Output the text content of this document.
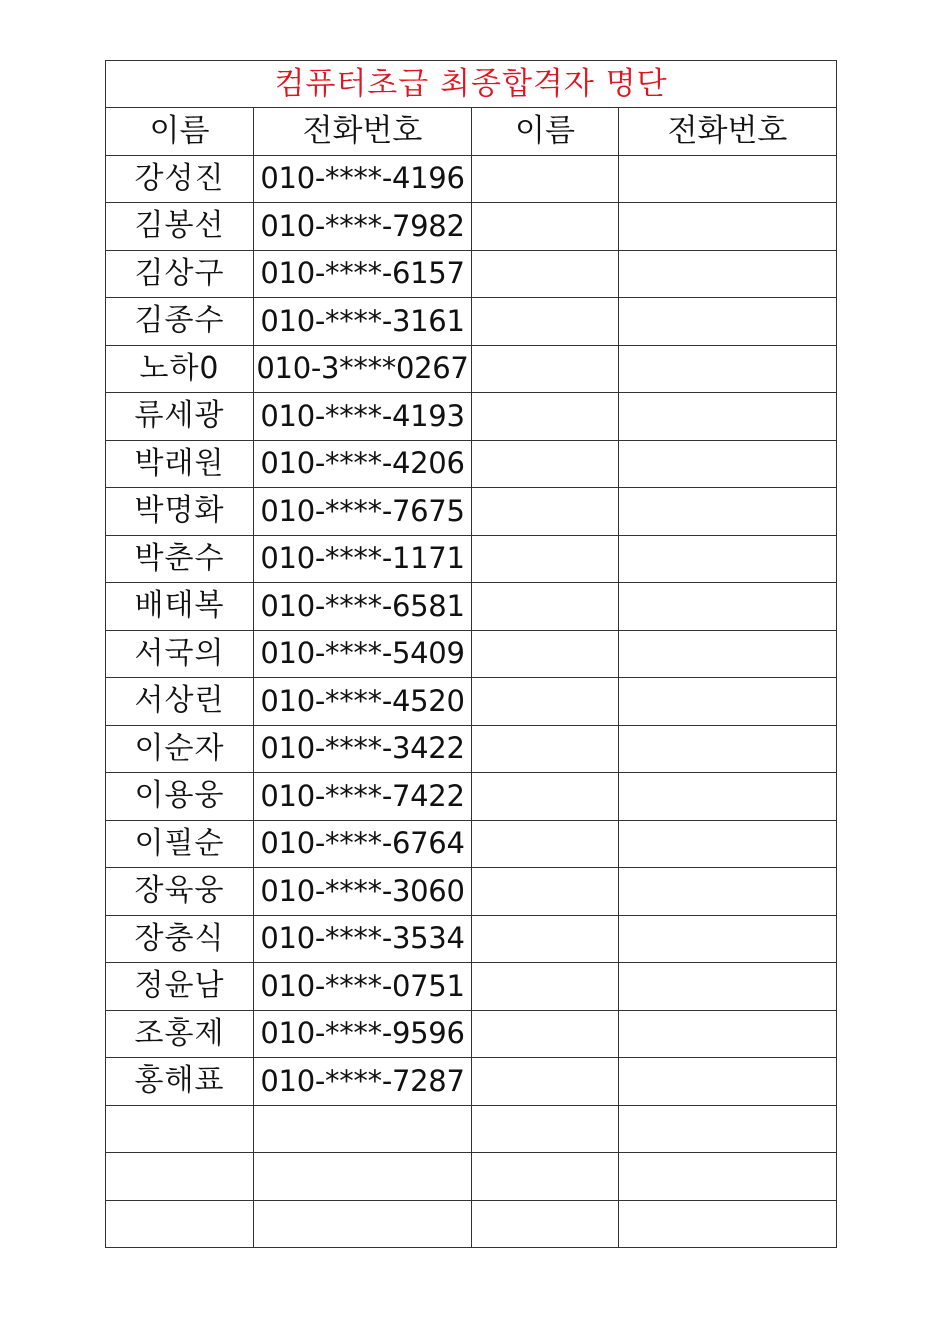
컴퓨터초급 최종합격자 명단			
이름	전화번호	이름	전화번호
강성진	010-****-4196		
김봉선	010-****-7982		
김상구	010-****-6157		
김종수	010-****-3161		
노하0	010-3****0267		
류세광	010-****-4193		
박래원	010-****-4206		
박명화	010-****-7675		
박춘수	010-****-1171		
배태복	010-****-6581		
서국의	010-****-5409		
서상린	010-****-4520		
이순자	010-****-3422		
이용웅	010-****-7422		
이필순	010-****-6764		
장육웅	010-****-3060		
장충식	010-****-3534		
정윤남	010-****-0751		
조홍제	010-****-9596		
홍해표	010-****-7287		
